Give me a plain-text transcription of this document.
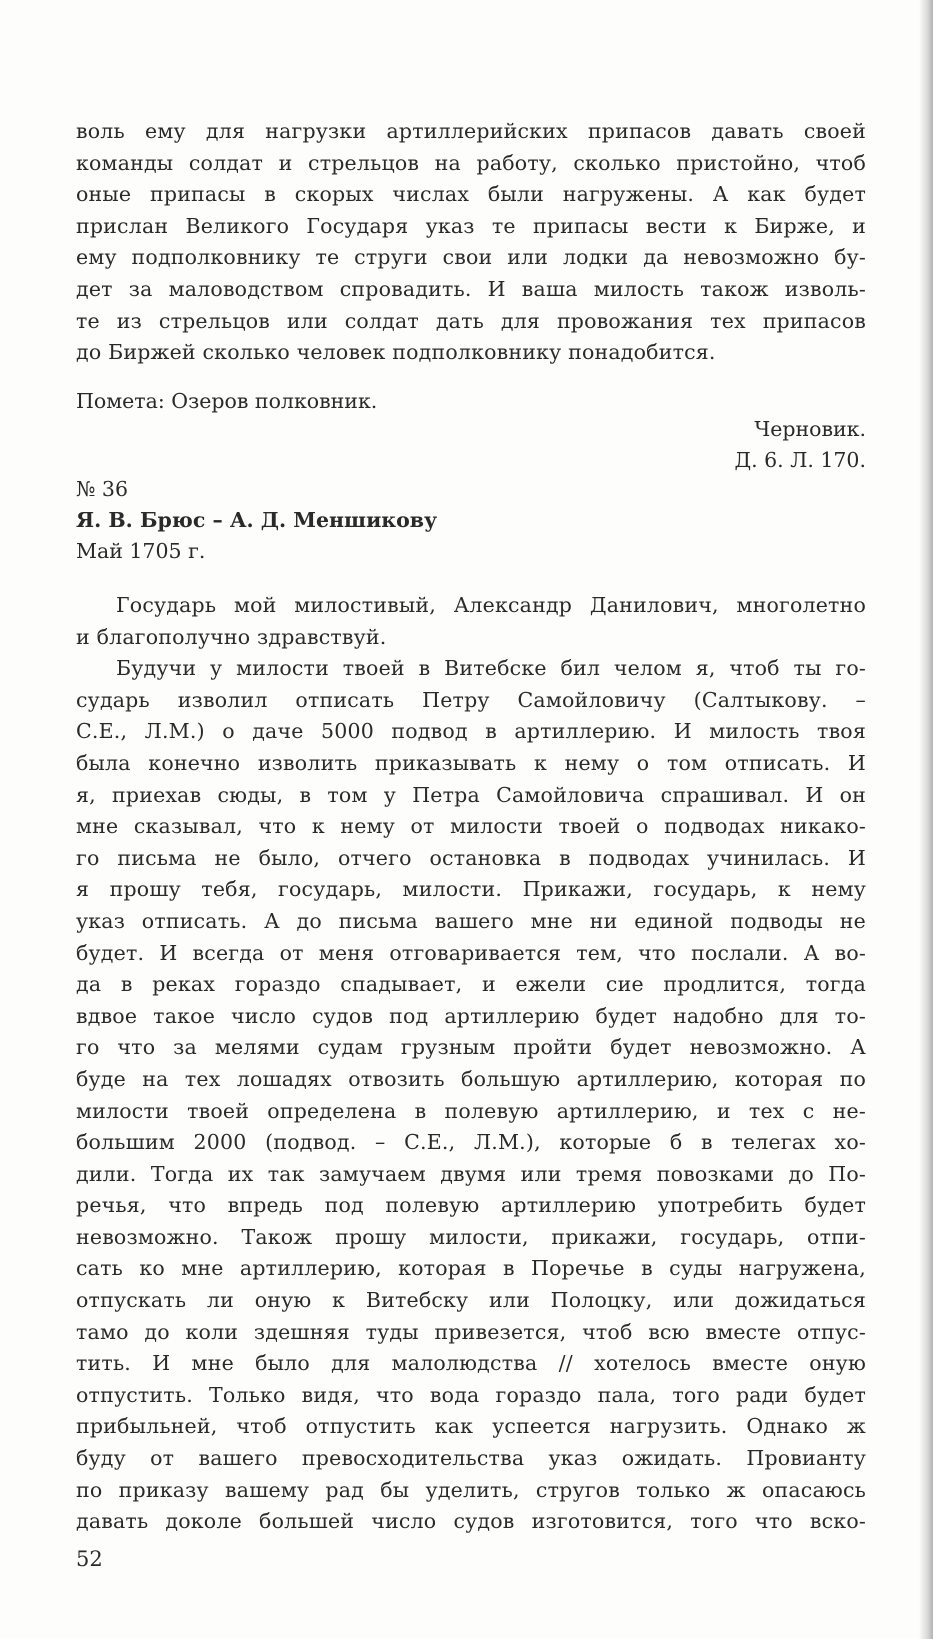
воль ему для нагрузки артиллерийских припасов давать своей
команды солдат и стрельцов на работу, сколько пристойно, чтоб
оные припасы в скорых числах были нагружены. А как будет
прислан Великого Государя указ те припасы вести к Бирже, и
ему подполковнику те струги свои или лодки да невозможно бу-
дет за маловодством спровадить. И ваша милость також изволь-
те из стрельцов или солдат дать для провожания тех припасов
до Биржей сколько человек подполковнику понадобится.
Помета: Озеров полковник.
Черновик.
Д. 6. Л. 170.
№ 36
Я. В. Брюс – А. Д. Меншикову
Май 1705 г.
Государь мой милостивый, Александр Данилович, многолетно
и благополучно здравствуй.
Будучи у милости твоей в Витебске бил челом я, чтоб ты го-
сударь изволил отписать Петру Самойловичу (Салтыкову. –
С.Е., Л.М.) о даче 5000 подвод в артиллерию. И милость твоя
была конечно изволить приказывать к нему о том отписать. И
я, приехав сюды, в том у Петра Самойловича спрашивал. И он
мне сказывал, что к нему от милости твоей о подводах никако-
го письма не было, отчего остановка в подводах учинилась. И
я прошу тебя, государь, милости. Прикажи, государь, к нему
указ отписать. А до письма вашего мне ни единой подводы не
будет. И всегда от меня отговаривается тем, что послали. А во-
да в реках гораздо спадывает, и ежели сие продлится, тогда
вдвое такое число судов под артиллерию будет надобно для то-
го что за мелями судам грузным пройти будет невозможно. А
буде на тех лошадях отвозить большую артиллерию, которая по
милости твоей определена в полевую артиллерию, и тех с не-
большим 2000 (подвод. – С.Е., Л.М.), которые б в телегах хо-
дили. Тогда их так замучаем двумя или тремя повозками до По-
речья, что впредь под полевую артиллерию употребить будет
невозможно. Також прошу милости, прикажи, государь, отпи-
сать ко мне артиллерию, которая в Поречье в суды нагружена,
отпускать ли оную к Витебску или Полоцку, или дожидаться
тамо до коли здешняя туды привезется, чтоб всю вместе отпус-
тить. И мне было для малолюдства // хотелось вместе оную
отпустить. Только видя, что вода гораздо пала, того ради будет
прибыльней, чтоб отпустить как успеется нагрузить. Однако ж
буду от вашего превосходительства указ ожидать. Провианту
по приказу вашему рад бы уделить, стругов только ж опасаюсь
давать доколе большей число судов изготовится, того что вско-
52
